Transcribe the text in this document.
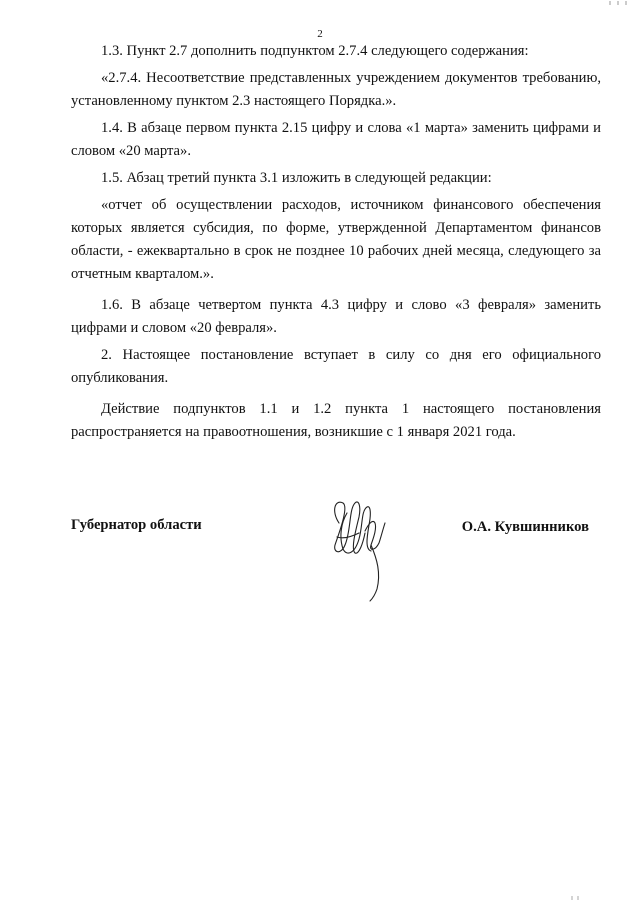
2

1.3. Пункт 2.7 дополнить подпунктом 2.7.4 следующего содержания:

«2.7.4. Несоответствие представленных учреждением документов требованию, установленному пунктом 2.3 настоящего Порядка.».

1.4. В абзаце первом пункта 2.15 цифру и слова «1 марта» заменить цифрами и словом «20 марта».

1.5. Абзац третий пункта 3.1 изложить в следующей редакции:

«отчет об осуществлении расходов, источником финансового обеспечения которых является субсидия, по форме, утвержденной Департаментом финансов области, - ежеквартально в срок не позднее 10 рабочих дней месяца, следующего за отчетным кварталом.».

1.6. В абзаце четвертом пункта 4.3 цифру и слово «3 февраля» заменить цифрами и словом «20 февраля».

2. Настоящее постановление вступает в силу со дня его официального опубликования.

Действие подпунктов 1.1 и 1.2 пункта 1 настоящего постановления распространяется на правоотношения, возникшие с 1 января 2021 года.

Губернатор области	О.А. Кувшинников
